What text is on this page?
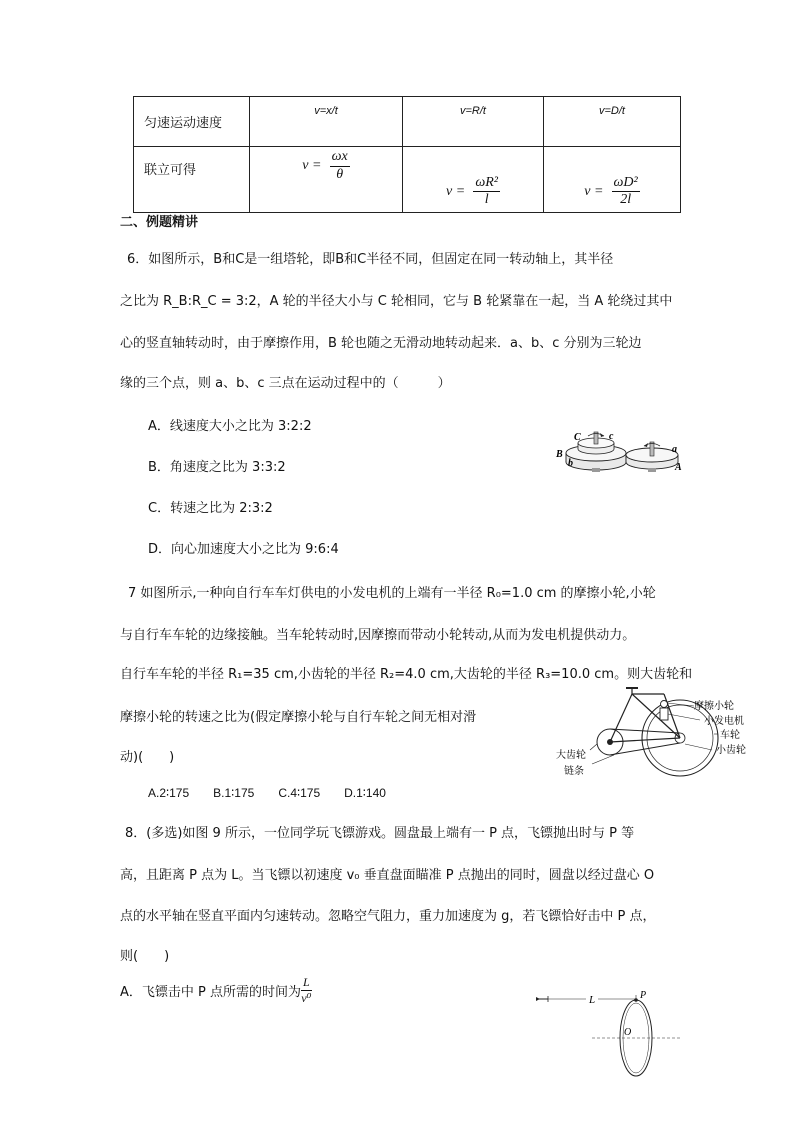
匀速运动速度	v=x/t	v=R/t	v=D/t
联立可得	$v = \frac{\omega x}{\theta}$	$v = \frac{\text{ωR²}}{l}$	$v = \frac{\text{ωD²}}{2l}$
二、例题精讲
6．如图所示，B和C是一组塔轮，即B和C半径不同，但固定在同一转动轴上，其半径
之比为 R_B:R_C = 3:2，A 轮的半径大小与 C 轮相同，它与 B 轮紧靠在一起，当 A 轮绕过其中
心的竖直轴转动时，由于摩擦作用，B 轮也随之无滑动地转动起来．a、b、c 分别为三轮边
缘的三个点，则 a、b、c 三点在运动过程中的（　　　）
A．线速度大小之比为 3:2:2
B．角速度之比为 3:3:2
C．转速之比为 2:3:2
D．向心加速度大小之比为 9:6:4
C	c
B
b
a
A
7 如图所示,一种向自行车车灯供电的小发电机的上端有一半径 R₀=1.0 cm 的摩擦小轮,小轮
与自行车车轮的边缘接触。当车轮转动时,因摩擦而带动小轮转动,从而为发电机提供动力。
自行车车轮的半径 R₁=35 cm,小齿轮的半径 R₂=4.0 cm,大齿轮的半径 R₃=10.0 cm。则大齿轮和
摩擦小轮的转速之比为(假定摩擦小轮与自行车轮之间无相对滑
动)(　　)
A.2∶175　　B.1∶175　　C.4∶175　　D.1∶140
摩擦小轮
小发电机
车轮
小齿轮
大齿轮
链条
8．(多选)如图 9 所示，一位同学玩飞镖游戏。圆盘最上端有一 P 点，飞镖抛出时与 P 等
高，且距离 P 点为 L。当飞镖以初速度 v₀ 垂直盘面瞄准 P 点抛出的同时，圆盘以经过盘心 O
点的水平轴在竖直平面内匀速转动。忽略空气阻力，重力加速度为 g，若飞镖恰好击中 P 点，
则(　　)
A．飞镖击中 P 点所需的时间为 $\frac{L}{\text{v⁰}}$	L	P
O
